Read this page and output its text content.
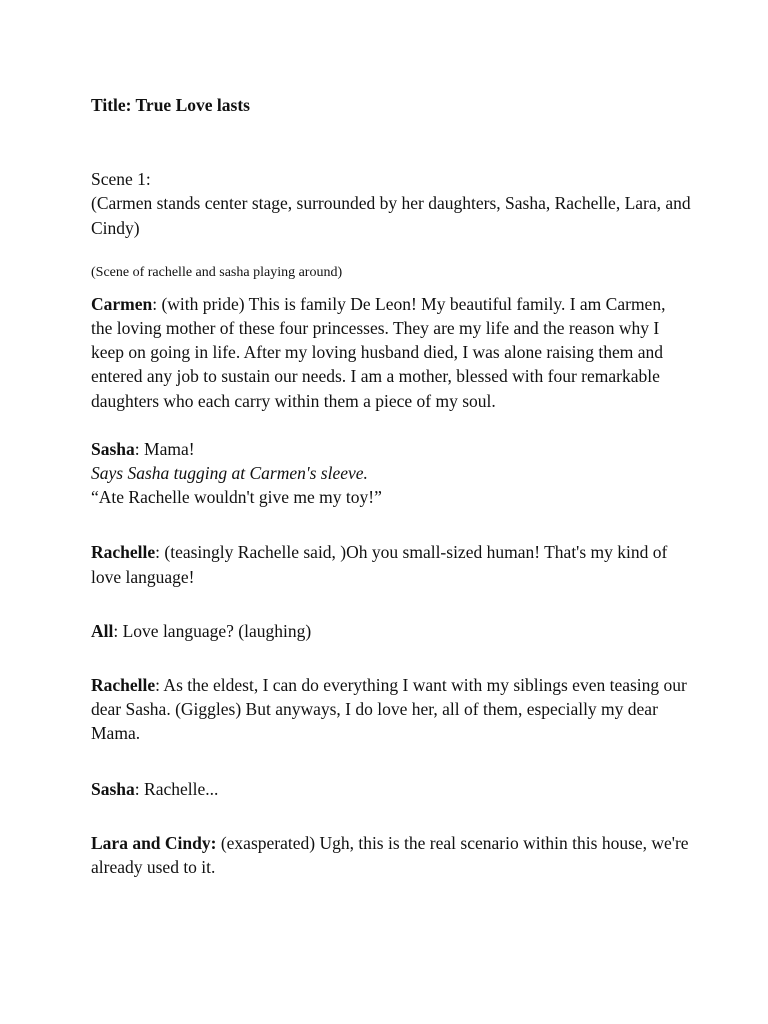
Title: True Love lasts

Scene 1:

(Carmen stands center stage, surrounded by her daughters, Sasha, Rachelle, Lara, and Cindy)

(Scene of rachelle and sasha playing around)

Carmen: (with pride) This is family De Leon! My beautiful family. I am Carmen, the loving mother of these four princesses. They are my life and the reason why I keep on going in life. After my loving husband died, I was alone raising them and entered any job to sustain our needs. I am a mother, blessed with four remarkable daughters who each carry within them a piece of my soul.

Sasha: Mama!

Says Sasha tugging at Carmen's sleeve.

“Ate Rachelle wouldn't give me my toy!”

Rachelle: (teasingly Rachelle said, )Oh you small-sized human! That's my kind of love language!

All: Love language? (laughing)

Rachelle: As the eldest, I can do everything I want with my siblings even teasing our dear Sasha. (Giggles) But anyways, I do love her, all of them, especially my dear Mama.

Sasha: Rachelle...

Lara and Cindy: (exasperated) Ugh, this is the real scenario within this house, we're already used to it.
